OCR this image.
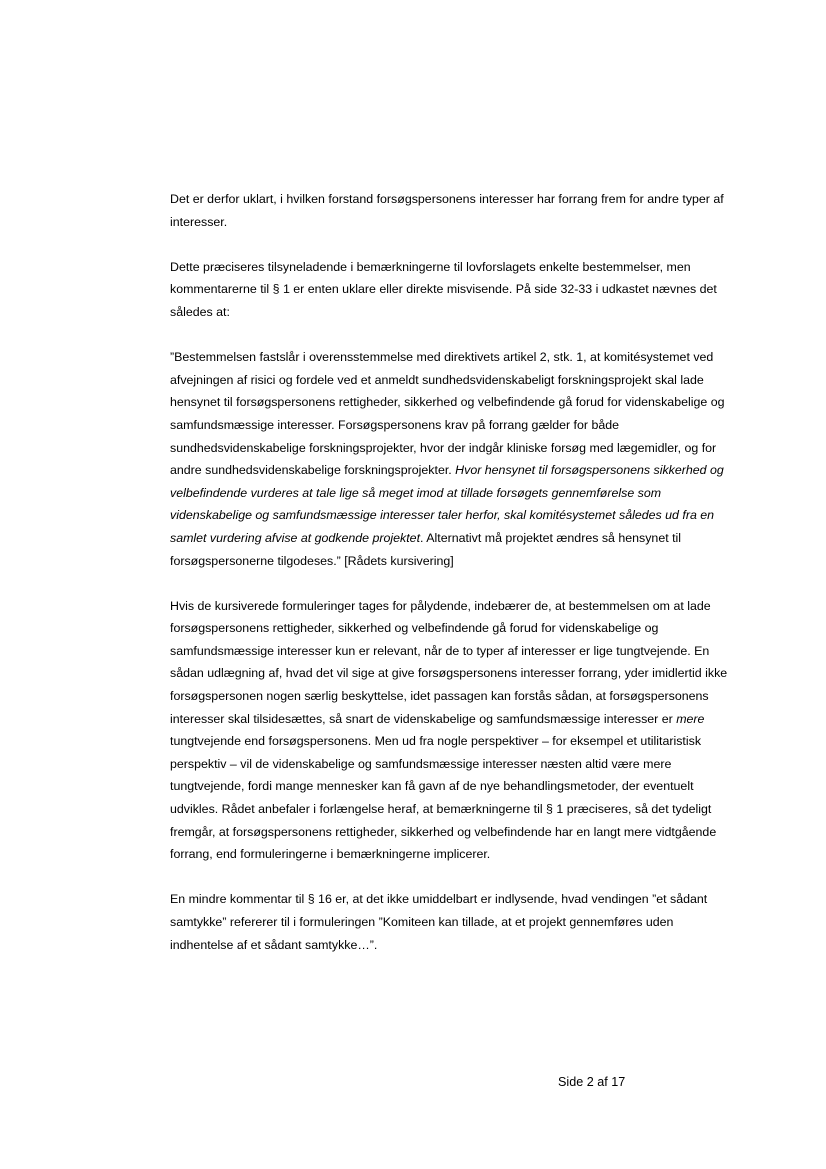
Det er derfor uklart, i hvilken forstand forsøgspersonens interesser har forrang frem for andre typer af interesser.

Dette præciseres tilsyneladende i bemærkningerne til lovforslagets enkelte bestemmelser, men kommentarerne til § 1 er enten uklare eller direkte misvisende. På side 32-33 i udkastet nævnes det således at:

”Bestemmelsen fastslår i overensstemmelse med direktivets artikel 2, stk. 1, at komitésystemet ved afvejningen af risici og fordele ved et anmeldt sundhedsvidenskabeligt forskningsprojekt skal lade hensynet til forsøgspersonens rettigheder, sikkerhed og velbefindende gå forud for videnskabelige og samfundsmæssige interesser. Forsøgspersonens krav på forrang gælder for både sundhedsvidenskabelige forskningsprojekter, hvor der indgår kliniske forsøg med lægemidler, og for andre sundhedsvidenskabelige forskningsprojekter. Hvor hensynet til forsøgspersonens sikkerhed og velbefindende vurderes at tale lige så meget imod at tillade forsøgets gennemførelse som videnskabelige og samfundsmæssige interesser taler herfor, skal komitésystemet således ud fra en samlet vurdering afvise at godkende projektet. Alternativt må projektet ændres så hensynet til forsøgspersonerne tilgodeses.” [Rådets kursivering]

Hvis de kursiverede formuleringer tages for pålydende, indebærer de, at bestemmelsen om at lade forsøgspersonens rettigheder, sikkerhed og velbefindende gå forud for videnskabelige og samfundsmæssige interesser kun er relevant, når de to typer af interesser er lige tungtvejende. En sådan udlægning af, hvad det vil sige at give forsøgspersonens interesser forrang, yder imidlertid ikke forsøgspersonen nogen særlig beskyttelse, idet passagen kan forstås sådan, at forsøgspersonens interesser skal tilsidesættes, så snart de videnskabelige og samfundsmæssige interesser er mere tungtvejende end forsøgspersonens. Men ud fra nogle perspektiver – for eksempel et utilitaristisk perspektiv – vil de videnskabelige og samfundsmæssige interesser næsten altid være mere tungtvejende, fordi mange mennesker kan få gavn af de nye behandlingsmetoder, der eventuelt udvikles. Rådet anbefaler i forlængelse heraf, at bemærkningerne til § 1 præciseres, så det tydeligt fremgår, at forsøgspersonens rettigheder, sikkerhed og velbefindende har en langt mere vidtgående forrang, end formuleringerne i bemærkningerne implicerer.

En mindre kommentar til § 16 er, at det ikke umiddelbart er indlysende, hvad vendingen ”et sådant samtykke” refererer til i formuleringen ”Komiteen kan tillade, at et projekt gennemføres uden indhentelse af et sådant samtykke…”.

Side 2 af 17
